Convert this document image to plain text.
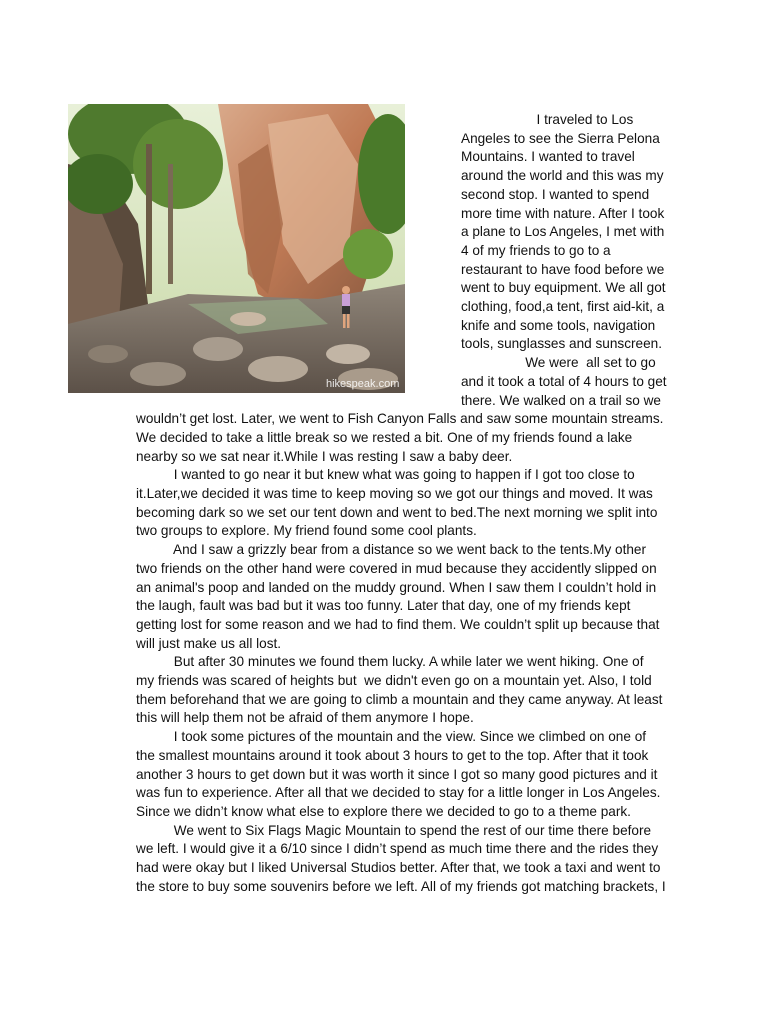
hikespeak.com
I traveled to Los
Angeles to see the Sierra Pelona
Mountains. I wanted to travel
around the world and this was my
second stop. I wanted to spend
more time with nature. After I took
a plane to Los Angeles, I met with
4 of my friends to go to a
restaurant to have food before we
went to buy equipment. We all got
clothing, food,a tent, first aid-kit, a
knife and some tools, navigation
tools, sunglasses and sunscreen.
We were  all set to go
and it took a total of 4 hours to get
there. We walked on a trail so we
wouldn’t get lost. Later, we went to Fish Canyon Falls and saw some mountain streams.
We decided to take a little break so we rested a bit. One of my friends found a lake
nearby so we sat near it.While I was resting I saw a baby deer.
I wanted to go near it but knew what was going to happen if I got too close to
it.Later,we decided it was time to keep moving so we got our things and moved. It was
becoming dark so we set our tent down and went to bed.The next morning we split into
two groups to explore. My friend found some cool plants.
And I saw a grizzly bear from a distance so we went back to the tents.My other
two friends on the other hand were covered in mud because they accidently slipped on
an animal's poop and landed on the muddy ground. When I saw them I couldn’t hold in
the laugh, fault was bad but it was too funny. Later that day, one of my friends kept
getting lost for some reason and we had to find them. We couldn’t split up because that
will just make us all lost.
But after 30 minutes we found them lucky. A while later we went hiking. One of
my friends was scared of heights but  we didn't even go on a mountain yet. Also, I told
them beforehand that we are going to climb a mountain and they came anyway. At least
this will help them not be afraid of them anymore I hope.
I took some pictures of the mountain and the view. Since we climbed on one of
the smallest mountains around it took about 3 hours to get to the top. After that it took
another 3 hours to get down but it was worth it since I got so many good pictures and it
was fun to experience. After all that we decided to stay for a little longer in Los Angeles.
Since we didn’t know what else to explore there we decided to go to a theme park.
We went to Six Flags Magic Mountain to spend the rest of our time there before
we left. I would give it a 6/10 since I didn’t spend as much time there and the rides they
had were okay but I liked Universal Studios better. After that, we took a taxi and went to
the store to buy some souvenirs before we left. All of my friends got matching brackets, I
